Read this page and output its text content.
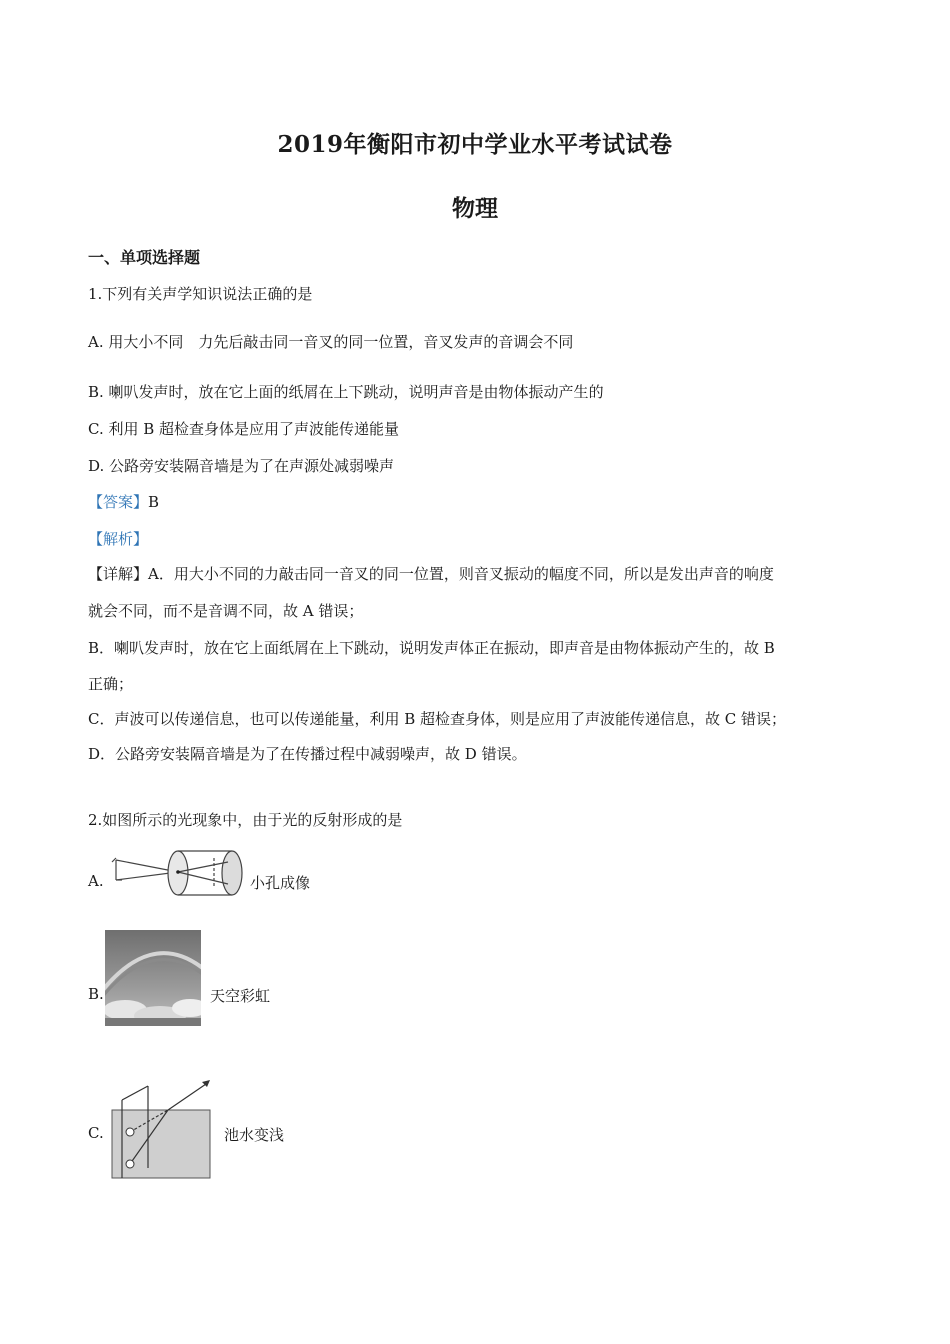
2019年衡阳市初中学业水平考试试卷
物理
一、单项选择题
1.下列有关声学知识说法正确的是
A. 用大小不同　力先后敲击同一音叉的同一位置，音叉发声的音调会不同
B. 喇叭发声时，放在它上面的纸屑在上下跳动，说明声音是由物体振动产生的
C. 利用 B 超检查身体是应用了声波能传递能量
D. 公路旁安装隔音墙是为了在声源处减弱噪声
【答案】B
【解析】
【详解】A．用大小不同的力敲击同一音叉的同一位置，则音叉振动的幅度不同，所以是发出声音的响度
就会不同，而不是音调不同，故 A 错误；
B．喇叭发声时，放在它上面纸屑在上下跳动，说明发声体正在振动，即声音是由物体振动产生的，故 B
正确；
C．声波可以传递信息，也可以传递能量，利用 B 超检查身体，则是应用了声波能传递信息，故 C 错误；
D．公路旁安装隔音墙是为了在传播过程中减弱噪声，故 D 错误。
2.如图所示的光现象中，由于光的反射形成的是
A.	小孔成像
B.	天空彩虹
C.	池水变浅
